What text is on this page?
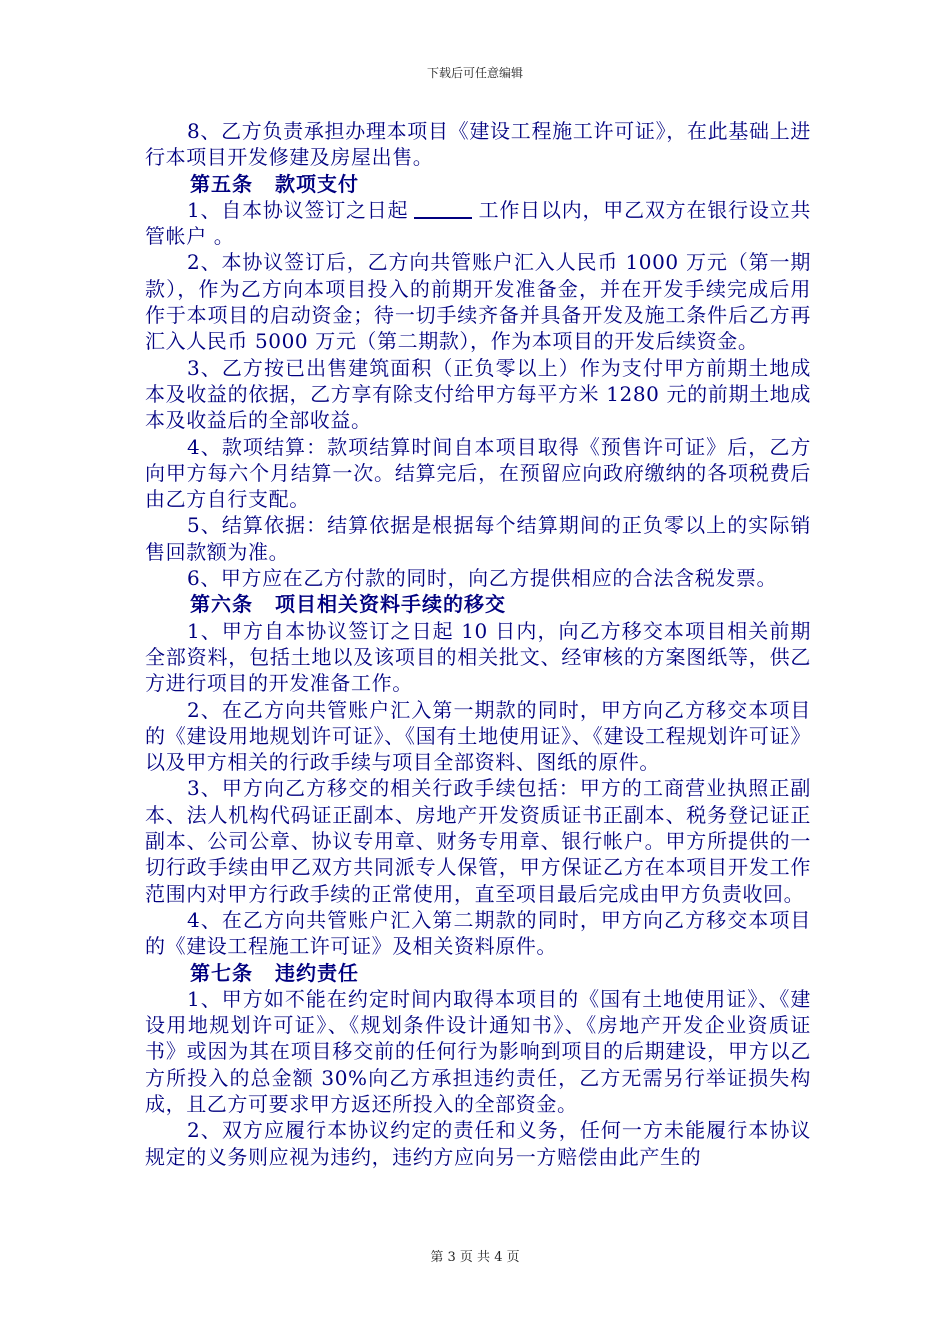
下载后可任意编辑

8、乙方负责承担办理本项目《建设工程施工许可证》，在此基础上进行本项目开发修建及房屋出售。

第五条 款项支付

1、自本协议签订之日起	工作日以内，甲乙双方在银行设立共管帐户 。

2、本协议签订后，乙方向共管账户汇入人民币 1000 万元（第一期款），作为乙方向本项目投入的前期开发准备金，并在开发手续完成后用作于本项目的启动资金；待一切手续齐备并具备开发及施工条件后乙方再汇入人民币 5000 万元（第二期款），作为本项目的开发后续资金。

3、乙方按已出售建筑面积（正负零以上）作为支付甲方前期土地成本及收益的依据，乙方享有除支付给甲方每平方米 1280 元的前期土地成本及收益后的全部收益。

4、款项结算：款项结算时间自本项目取得《预售许可证》后，乙方向甲方每六个月结算一次。结算完后，在预留应向政府缴纳的各项税费后由乙方自行支配。

5、结算依据：结算依据是根据每个结算期间的正负零以上的实际销售回款额为准。

6、甲方应在乙方付款的同时，向乙方提供相应的合法含税发票。

第六条 项目相关资料手续的移交

1、甲方自本协议签订之日起 10 日内，向乙方移交本项目相关前期全部资料，包括土地以及该项目的相关批文、经审核的方案图纸等，供乙方进行项目的开发准备工作。

2、在乙方向共管账户汇入第一期款的同时，甲方向乙方移交本项目的《建设用地规划许可证》、《国有土地使用证》、《建设工程规划许可证》以及甲方相关的行政手续与项目全部资料、图纸的原件。

3、甲方向乙方移交的相关行政手续包括：甲方的工商营业执照正副本、法人机构代码证正副本、房地产开发资质证书正副本、税务登记证正副本、公司公章、协议专用章、财务专用章、银行帐户。甲方所提供的一切行政手续由甲乙双方共同派专人保管，甲方保证乙方在本项目开发工作范围内对甲方行政手续的正常使用，直至项目最后完成由甲方负责收回。

4、在乙方向共管账户汇入第二期款的同时，甲方向乙方移交本项目的《建设工程施工许可证》及相关资料原件。

第七条 违约责任

1、甲方如不能在约定时间内取得本项目的《国有土地使用证》、《建设用地规划许可证》、《规划条件设计通知书》、《房地产开发企业资质证书》或因为其在项目移交前的任何行为影响到项目的后期建设，甲方以乙方所投入的总金额 30%向乙方承担违约责任，乙方无需另行举证损失构成，且乙方可要求甲方返还所投入的全部资金。

2、双方应履行本协议约定的责任和义务，任何一方未能履行本协议规定的义务则应视为违约，违约方应向另一方赔偿由此产生的

第 3 页 共 4 页
